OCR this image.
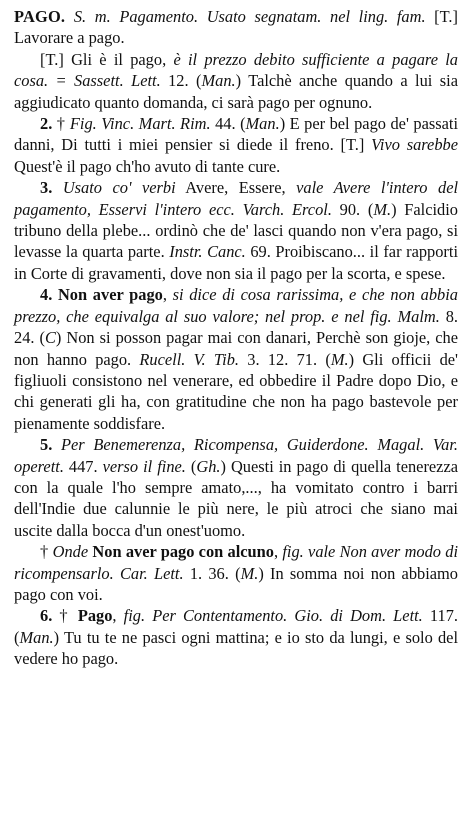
PAGO. S. m. Pagamento. Usato segnatam. nel ling. fam. [T.] Lavorare a pago.

[T.] Gli è il pago, è il prezzo debito sufficiente a pagare la cosa. = Sassett. Lett. 12. (Man.) Talchè anche quando a lui sia aggiudicato quanto domanda, ci sarà pago per ognuno.

2. † Fig. Vinc. Mart. Rim. 44. (Man.) E per bel pago de' passati danni, Di tutti i miei pensier si diede il freno. [T.] Vivo sarebbe Quest'è il pago ch'ho avuto di tante cure.

3. Usato co' verbi Avere, Essere, vale Avere l'intero del pagamento, Esservi l'intero ecc. Varch. Ercol. 90. (M.) Falcidio tribuno della plebe... ordinò che de' lasci quando non v'era pago, si levasse la quarta parte. Instr. Canc. 69. Proibiscano... il far rapporti in Corte di gravamenti, dove non sia il pago per la scorta, e spese.

4. Non aver pago, si dice di cosa rarissima, e che non abbia prezzo, che equivalga al suo valore; nel prop. e nel fig. Malm. 8. 24. (C) Non si posson pagar mai con danari, Perchè son gioje, che non hanno pago. Rucell. V. Tib. 3. 12. 71. (M.) Gli officii de' figliuoli consistono nel venerare, ed obbedire il Padre dopo Dio, e chi generati gli ha, con gratitudine che non ha pago bastevole per pienamente soddisfare.

5. Per Benemerenza, Ricompensa, Guiderdone. Magal. Var. operett. 447. verso il fine. (Gh.) Questi in pago di quella tenerezza con la quale l'ho sempre amato,..., ha vomitato contro i barri dell'Indie due calunnie le più nere, le più atroci che siano mai uscite dalla bocca d'un onest'uomo.

† Onde Non aver pago con alcuno, fig. vale Non aver modo di ricompensarlo. Car. Lett. 1. 36. (M.) In somma noi non abbiamo pago con voi.

6. † Pago, fig. Per Contentamento. Gio. di Dom. Lett. 117. (Man.) Tu tu te ne pasci ogni mattina; e io sto da lungi, e solo del vedere ho pago.
